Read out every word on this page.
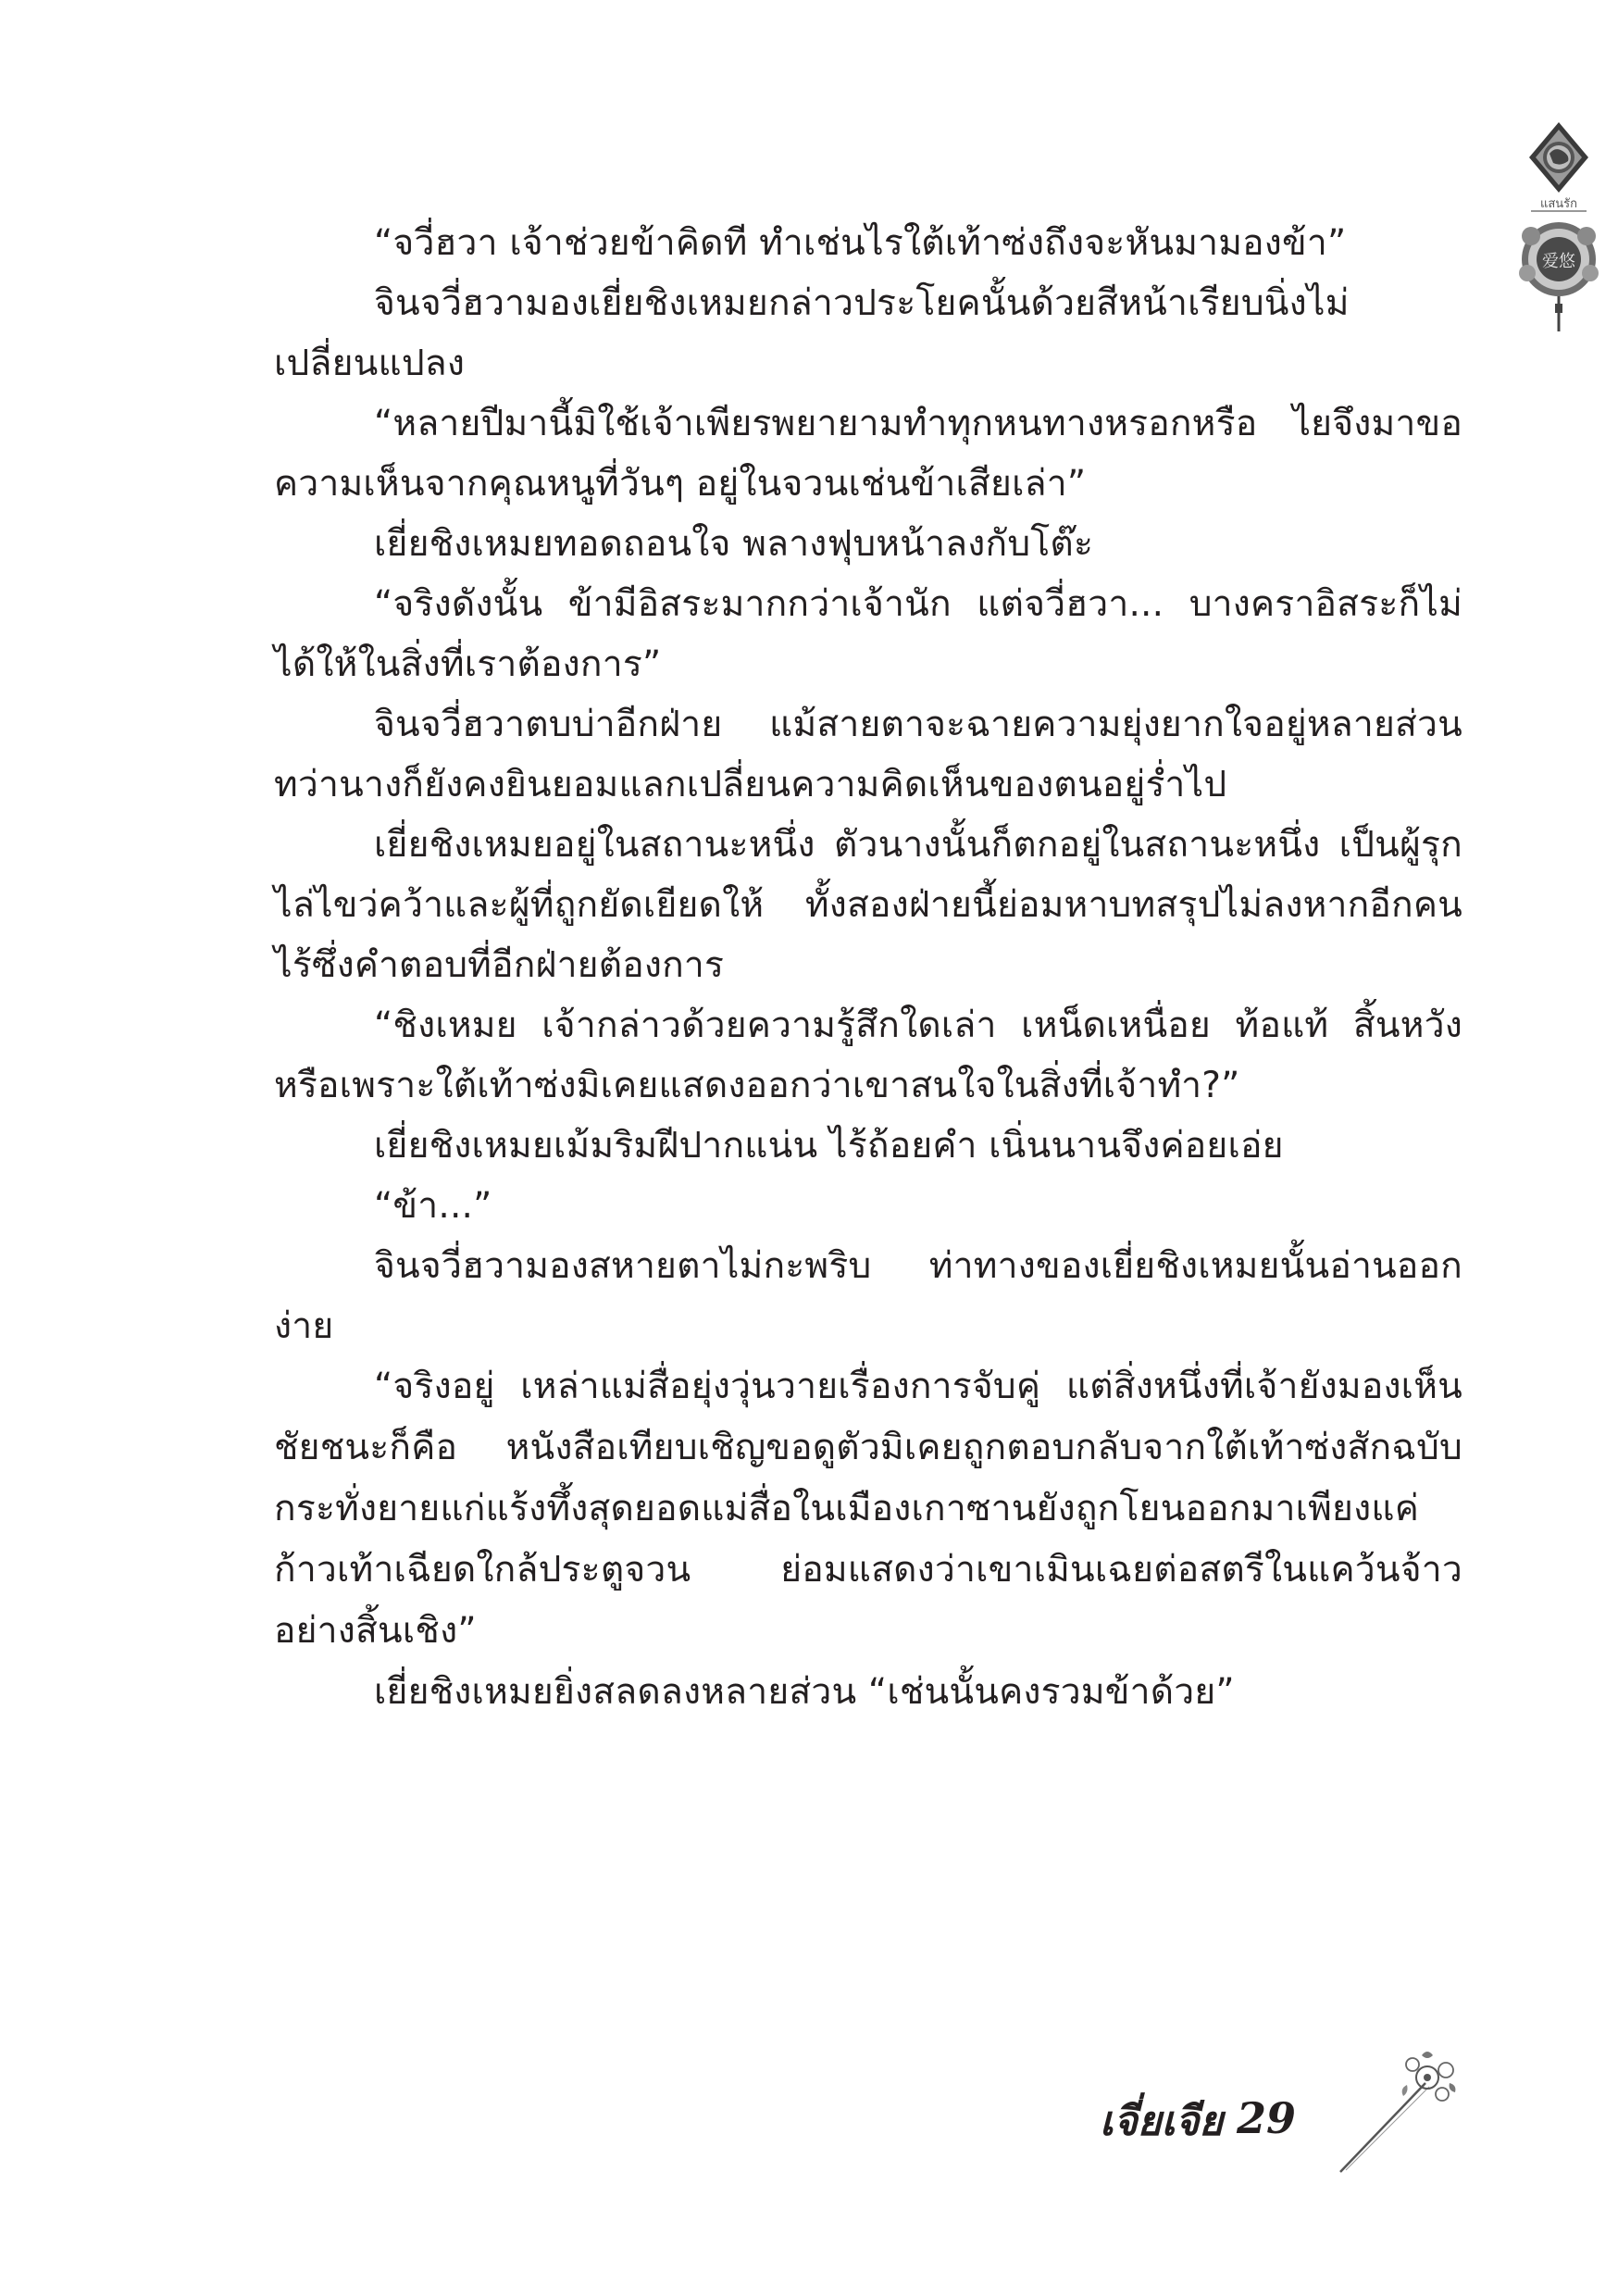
แสนรัก
爱悠

“จวี่ฮวา เจ้าช่วยข้าคิดที ทำเช่นไรใต้เท้าซ่งถึงจะหันมามองข้า”

จินจวี่ฮวามองเยี่ยชิงเหมยกล่าวประโยคนั้นด้วยสีหน้าเรียบนิ่งไม่เปลี่ยนแปลง

“หลายปีมานี้มิใช้เจ้าเพียรพยายามทำทุกหนทางหรอกหรือ ไยจึงมาขอความเห็นจากคุณหนูที่วันๆ อยู่ในจวนเช่นข้าเสียเล่า”

เยี่ยชิงเหมยทอดถอนใจ พลางฟุบหน้าลงกับโต๊ะ

“จริงดังนั้น ข้ามีอิสระมากกว่าเจ้านัก แต่จวี่ฮวา... บางคราอิสระก็ไม่ได้ให้ในสิ่งที่เราต้องการ”

จินจวี่ฮวาตบบ่าอีกฝ่าย แม้สายตาจะฉายความยุ่งยากใจอยู่หลายส่วน ทว่านางก็ยังคงยินยอมแลกเปลี่ยนความคิดเห็นของตนอยู่ร่ำไป

เยี่ยชิงเหมยอยู่ในสถานะหนึ่ง ตัวนางนั้นก็ตกอยู่ในสถานะหนึ่ง เป็นผู้รุกไล่ไขว่คว้าและผู้ที่ถูกยัดเยียดให้ ทั้งสองฝ่ายนี้ย่อมหาบทสรุปไม่ลงหากอีกคนไร้ซึ่งคำตอบที่อีกฝ่ายต้องการ

“ชิงเหมย เจ้ากล่าวด้วยความรู้สึกใดเล่า เหน็ดเหนื่อย ท้อแท้ สิ้นหวัง หรือเพราะใต้เท้าซ่งมิเคยแสดงออกว่าเขาสนใจในสิ่งที่เจ้าทำ?”

เยี่ยชิงเหมยเม้มริมฝีปากแน่น ไร้ถ้อยคำ เนิ่นนานจึงค่อยเอ่ย

“ข้า...”

จินจวี่ฮวามองสหายตาไม่กะพริบ ท่าทางของเยี่ยชิงเหมยนั้นอ่านออกง่าย

“จริงอยู่ เหล่าแม่สื่อยุ่งวุ่นวายเรื่องการจับคู่ แต่สิ่งหนึ่งที่เจ้ายังมองเห็นชัยชนะก็คือ หนังสือเทียบเชิญขอดูตัวมิเคยถูกตอบกลับจากใต้เท้าซ่งสักฉบับ กระทั่งยายแก่แร้งทึ้งสุดยอดแม่สื่อในเมืองเกาซานยังถูกโยนออกมาเพียงแค่ก้าวเท้าเฉียดใกล้ประตูจวน ย่อมแสดงว่าเขาเมินเฉยต่อสตรีในแคว้นจ้าวอย่างสิ้นเชิง”

เยี่ยชิงเหมยยิ่งสลดลงหลายส่วน “เช่นนั้นคงรวมข้าด้วย”

เจี่ยเจีย 29
